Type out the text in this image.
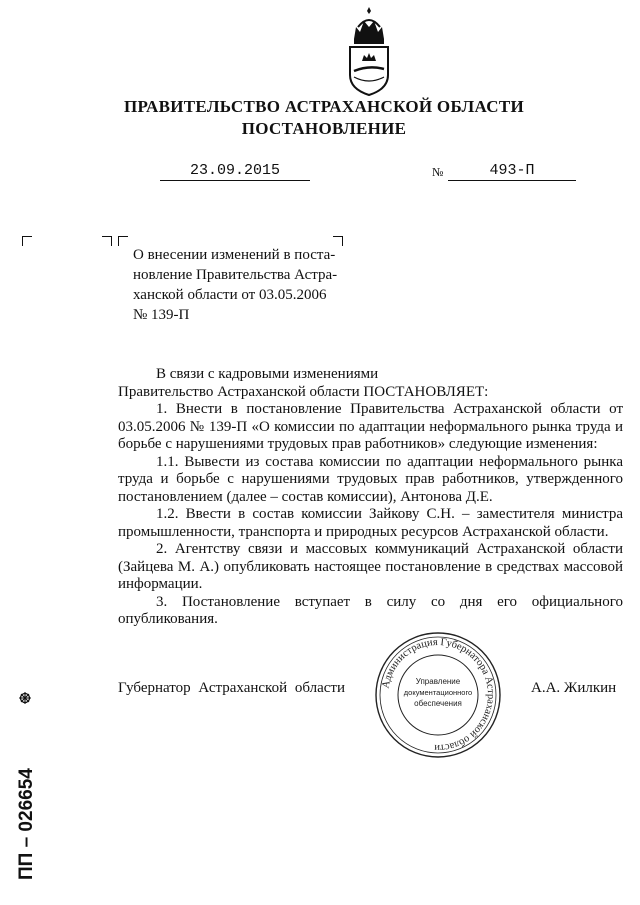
ПРАВИТЕЛЬСТВО АСТРАХАНСКОЙ ОБЛАСТИ
ПОСТАНОВЛЕНИЕ
23.09.2015	№	493-П
О внесении изменений в поста-
новление Правительства Астра-
ханской области от 03.05.2006
№ 139-П

В связи с кадровыми изменениями

Правительство Астраханской области ПОСТАНОВЛЯЕТ:

1. Внести в постановление Правительства Астраханской области от 03.05.2006 № 139-П «О комиссии по адаптации неформального рынка труда и борьбе с нарушениями трудовых прав работников» следующие изменения:

1.1. Вывести из состава комиссии по адаптации неформального рынка труда и борьбе с нарушениями трудовых прав работников, утвержденного постановлением (далее – состав комиссии), Антонова Д.Е.

1.2. Ввести в состав комиссии Зайкову С.Н. – заместителя министра промышленности, транспорта и природных ресурсов Астраханской области.

2. Агентству связи и массовых коммуникаций Астраханской области (Зайцева М. А.) опубликовать настоящее постановление в средствах массовой информации.

3. Постановление вступает в силу со дня его официального опубликования.

Губернатор Астраханской области	А.А. Жилкин
Администрация Губернатора Астраханской области
Управление
документационного
обеспечения
ПП – 026654
